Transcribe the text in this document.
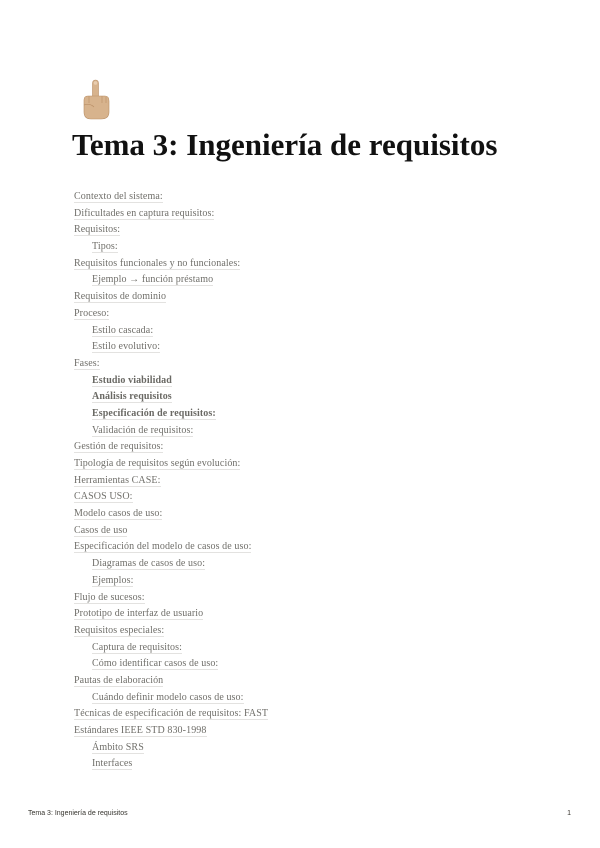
Tema 3: Ingeniería de requisitos
Contexto del sistema:
Dificultades en captura requisitos:
Requisitos:
Tipos:
Requisitos funcionales y no funcionales:
Ejemplo → función préstamo
Requisitos de dominio
Proceso:
Estilo cascada:
Estilo evolutivo:
Fases:
Estudio viabilidad
Análisis requisitos
Especificación de requisitos:
Validación de requisitos:
Gestión de requisitos:
Tipología de requisitos según evolución:
Herramientas CASE:
CASOS USO:
Modelo casos de uso:
Casos de uso
Especificación del modelo de casos de uso:
Diagramas de casos de uso:
Ejemplos:
Flujo de sucesos:
Prototipo de interfaz de usuario
Requisitos especiales:
Captura de requisitos:
Cómo identificar casos de uso:
Pautas de elaboración
Cuándo definir modelo casos de uso:
Técnicas de especificación de requisitos: FAST
Estándares IEEE STD 830-1998
Ámbito SRS
Interfaces
Tema 3: Ingeniería de requisitos	1
